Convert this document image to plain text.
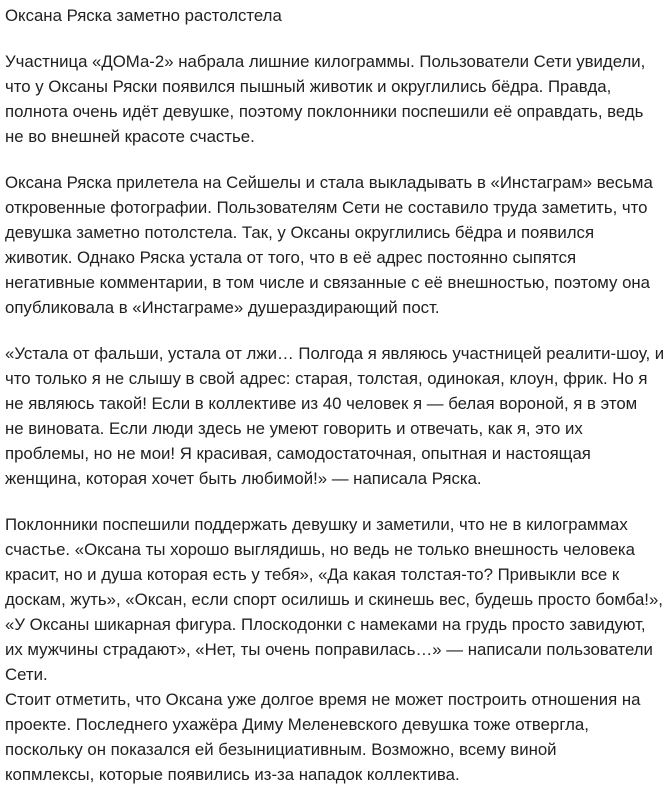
Оксана Ряска заметно растолстела
Участница «ДОМа-2» набрала лишние килограммы. Пользователи Сети увидели,
что у Оксаны Ряски появился пышный животик и округлились бёдра. Правда,
полнота очень идёт девушке, поэтому поклонники поспешили её оправдать, ведь
не во внешней красоте счастье.
Оксана Ряска прилетела на Сейшелы и стала выкладывать в «Инстаграм» весьма
откровенные фотографии. Пользователям Сети не составило труда заметить, что
девушка заметно потолстела. Так, у Оксаны округлились бёдра и появился
животик. Однако Ряска устала от того, что в её адрес постоянно сыпятся
негативные комментарии, в том числе и связанные с её внешностью, поэтому она
опубликовала в «Инстаграме» душераздирающий пост.
«Устала от фальши, устала от лжи… Полгода я являюсь участницей реалити-шоу, и
что только я не слышу в свой адрес: старая, толстая, одинокая, клоун, фрик. Но я
не являюсь такой! Если в коллективе из 40 человек я — белая вороной, я в этом
не виновата. Если люди здесь не умеют говорить и отвечать, как я, это их
проблемы, но не мои! Я красивая, самодостаточная, опытная и настоящая
женщина, которая хочет быть любимой!» — написала Ряска.
Поклонники поспешили поддержать девушку и заметили, что не в килограммах
счастье. «Оксана ты хорошо выглядишь, но ведь не только внешность человека
красит, но и душа которая есть у тебя», «Да какая толстая-то? Привыкли все к
доскам, жуть», «Оксан, если спорт осилишь и скинешь вес, будешь просто бомба!»,
«У Оксаны шикарная фигура. Плоскодонки с намеками на грудь просто завидуют,
их мужчины страдают», «Нет, ты очень поправилась…» — написали пользователи
Сети.
Стоит отметить, что Оксана уже долгое время не может построить отношения на
проекте. Последнего ухажёра Диму Меленевского девушка тоже отвергла,
поскольку он показался ей безынициативным. Возможно, всему виной
копмлексы, которые появились из-за нападок коллектива.
